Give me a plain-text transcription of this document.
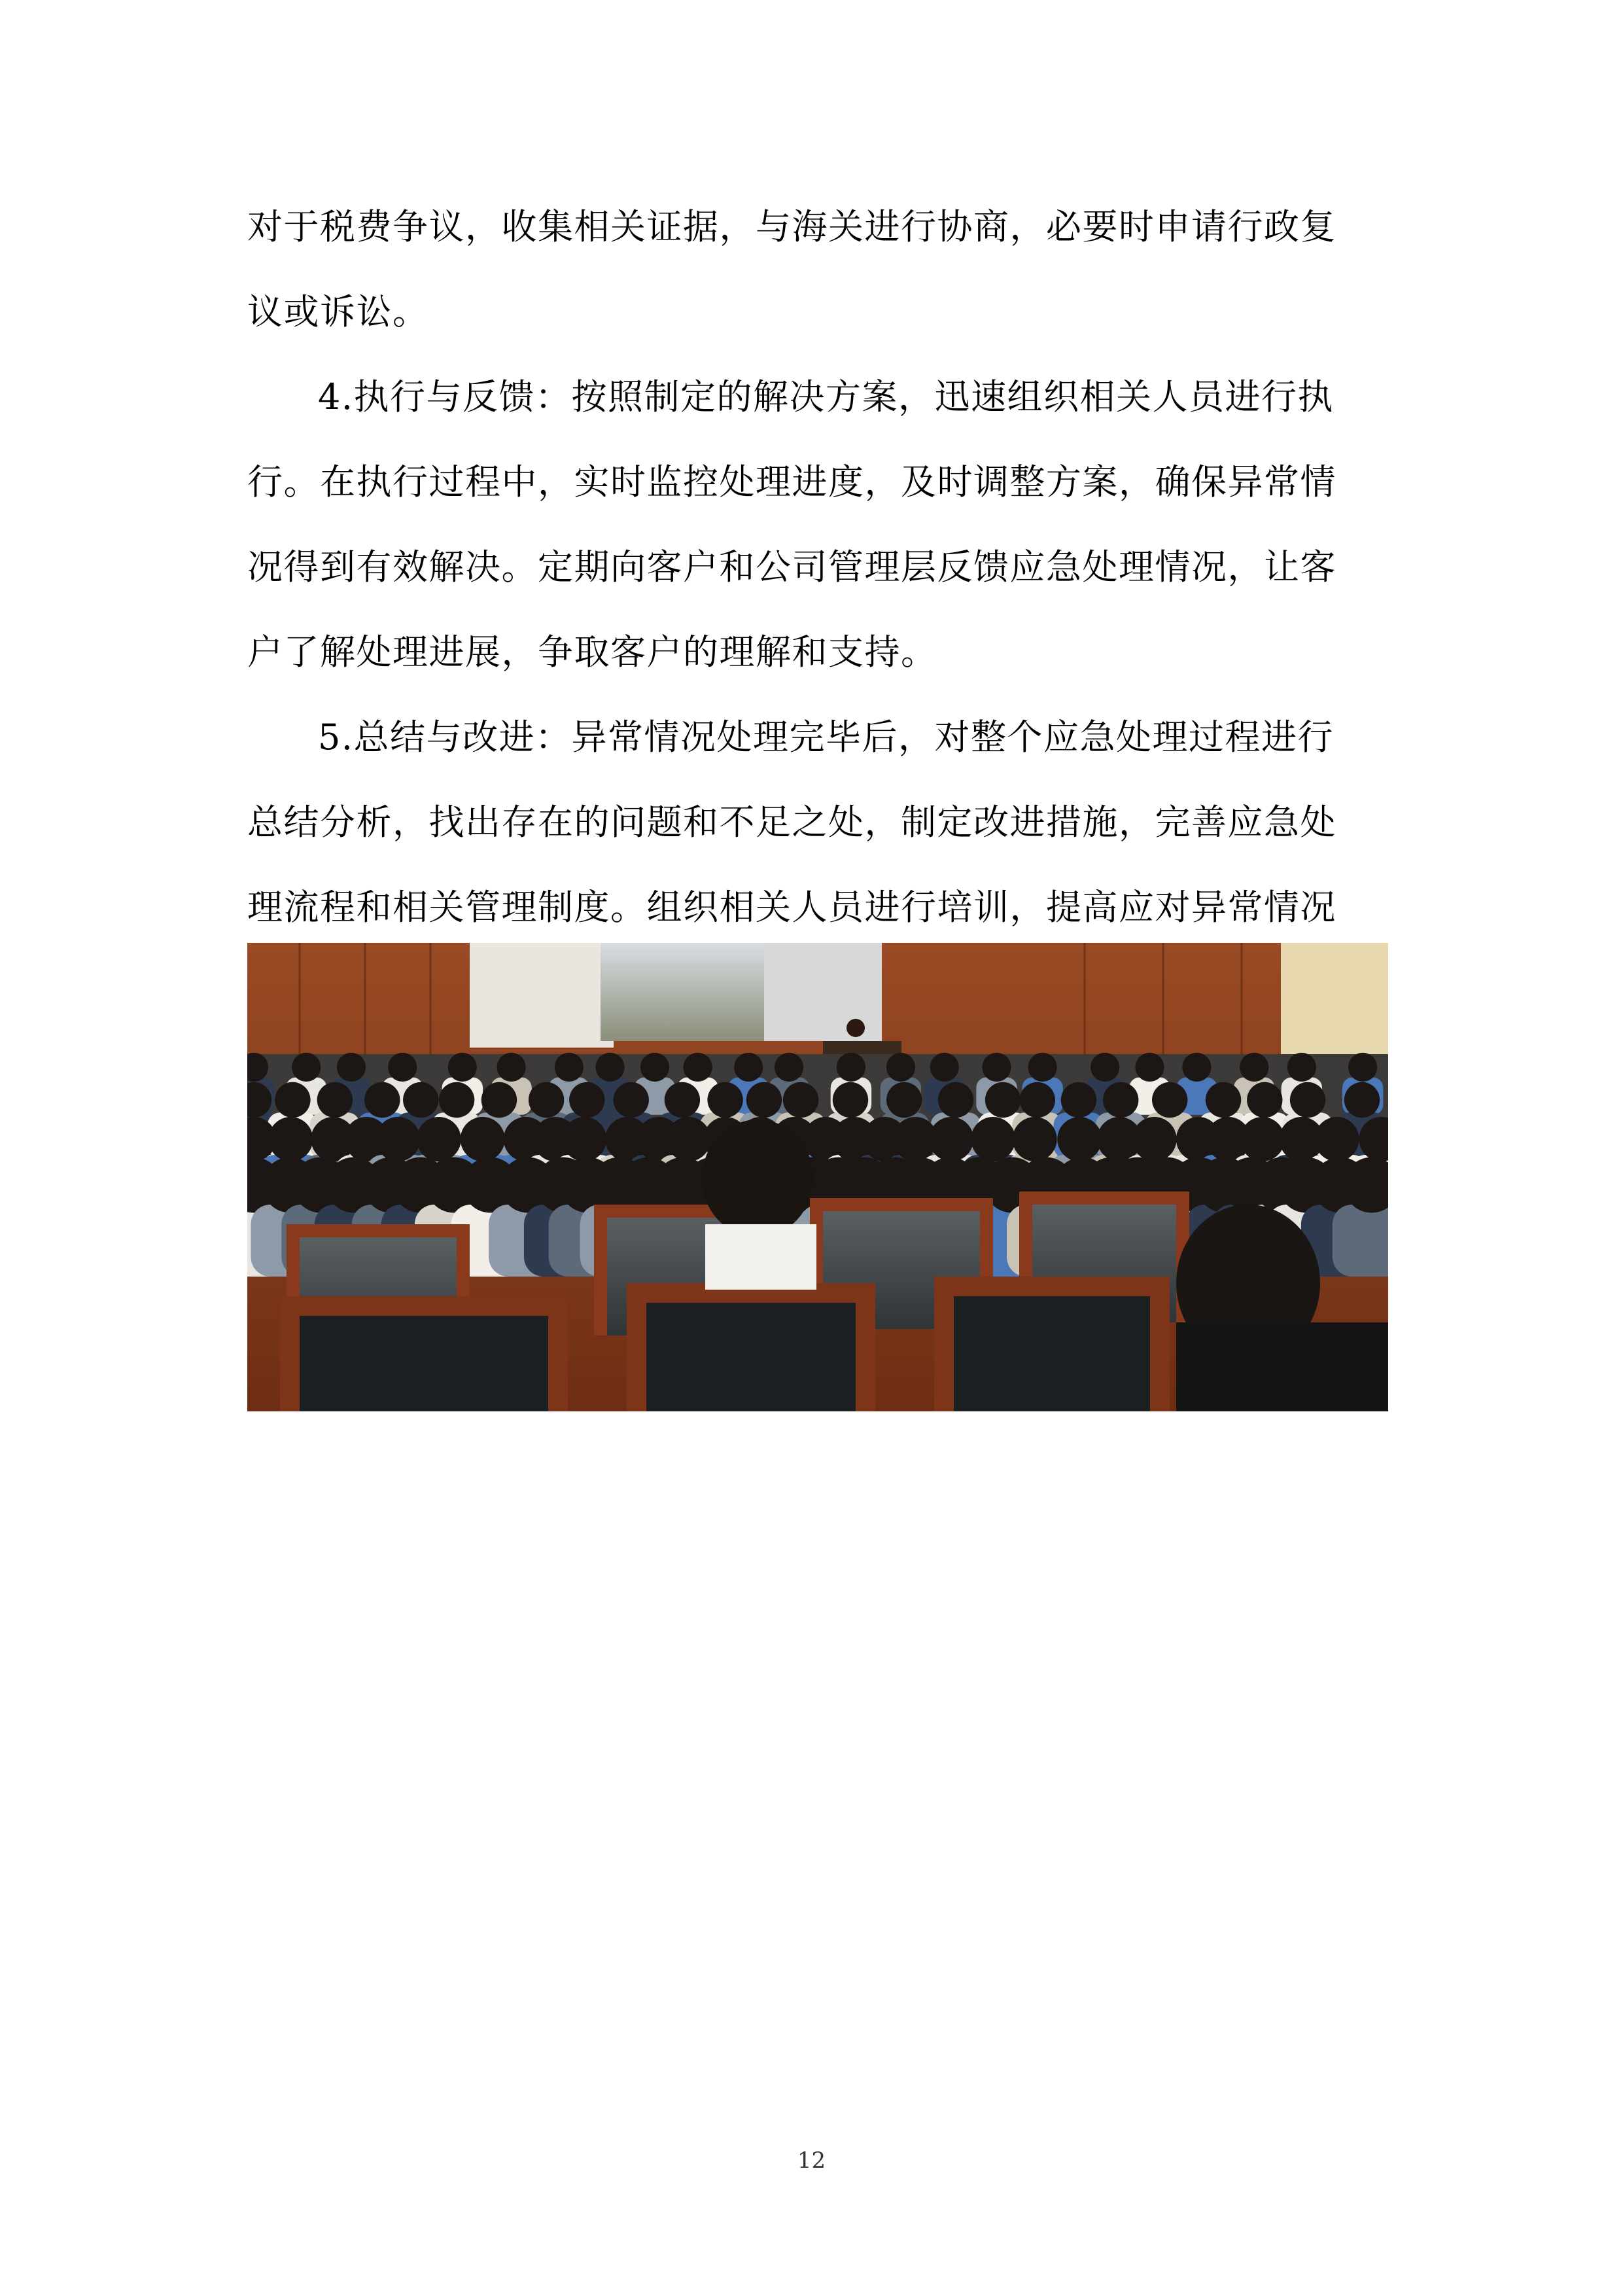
对于税费争议，收集相关证据，与海关进行协商，必要时申请行政复
议或诉讼。
4.执行与反馈：按照制定的解决方案，迅速组织相关人员进行执
行。在执行过程中，实时监控处理进度，及时调整方案，确保异常情
况得到有效解决。定期向客户和公司管理层反馈应急处理情况，让客
户了解处理进展，争取客户的理解和支持。
5.总结与改进：异常情况处理完毕后，对整个应急处理过程进行
总结分析，找出存在的问题和不足之处，制定改进措施，完善应急处
理流程和相关管理制度。组织相关人员进行培训，提高应对异常情况
12
